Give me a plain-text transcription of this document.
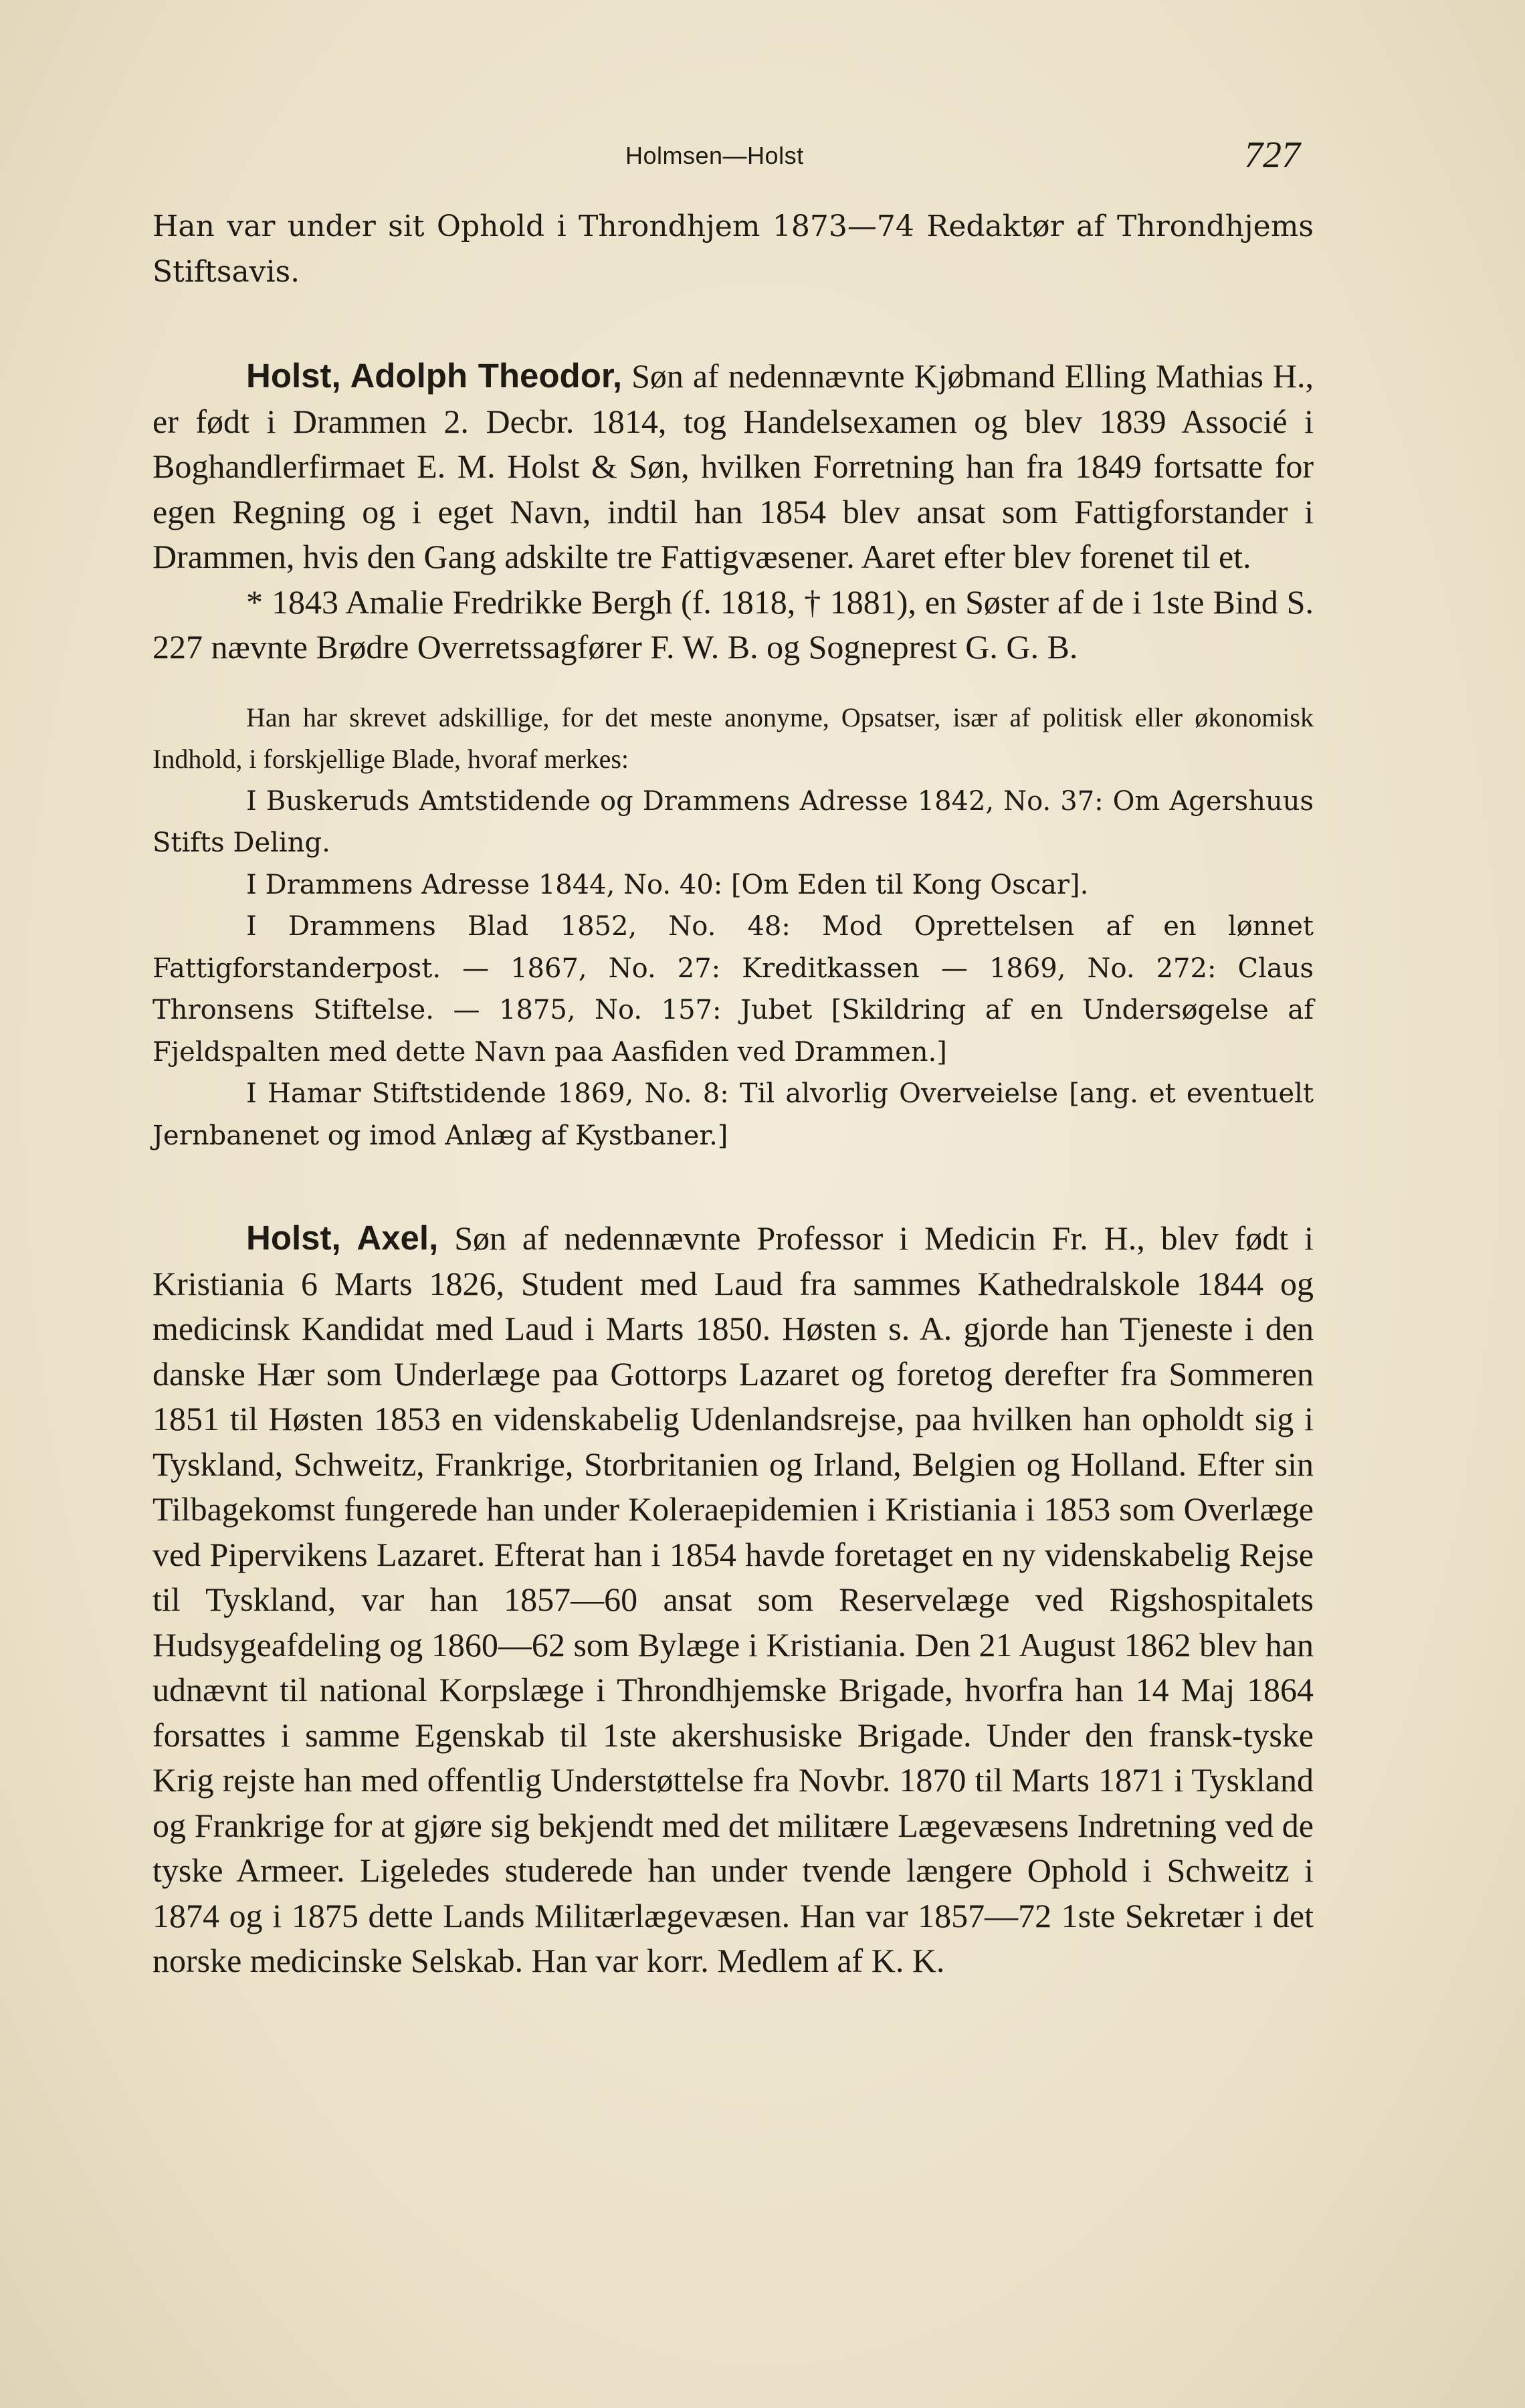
Holmsen—Holst	727

Han var under sit Ophold i Throndhjem 1873—74 Redaktør af Throndhjems Stiftsavis.

Holst, Adolph Theodor, Søn af nedennævnte Kjøbmand Elling Mathias H., er født i Drammen 2. Decbr. 1814, tog Handelsexamen og blev 1839 Associé i Boghandlerfirmaet E. M. Holst & Søn, hvilken Forretning han fra 1849 fortsatte for egen Regning og i eget Navn, indtil han 1854 blev ansat som Fattigforstander i Drammen, hvis den Gang adskilte tre Fattigvæsener. Aaret efter blev forenet til et.

* 1843 Amalie Fredrikke Bergh (f. 1818, † 1881), en Søster af de i 1ste Bind S. 227 nævnte Brødre Overretssagfører F. W. B. og Sogneprest G. G. B.

Han har skrevet adskillige, for det meste anonyme, Opsatser, især af politisk eller økonomisk Indhold, i forskjellige Blade, hvoraf merkes:

I Buskeruds Amtstidende og Drammens Adresse 1842, No. 37: Om Agershuus Stifts Deling.

I Drammens Adresse 1844, No. 40: [Om Eden til Kong Oscar].

I Drammens Blad 1852, No. 48: Mod Oprettelsen af en lønnet Fattigforstanderpost. — 1867, No. 27: Kreditkassen — 1869, No. 272: Claus Thronsens Stiftelse. — 1875, No. 157: Jubet [Skildring af en Undersøgelse af Fjeldspalten med dette Navn paa Aasfiden ved Drammen.]

I Hamar Stiftstidende 1869, No. 8: Til alvorlig Overveielse [ang. et eventuelt Jernbanenet og imod Anlæg af Kystbaner.]

Holst, Axel, Søn af nedennævnte Professor i Medicin Fr. H., blev født i Kristiania 6 Marts 1826, Student med Laud fra sammes Kathedralskole 1844 og medicinsk Kandidat med Laud i Marts 1850. Høsten s. A. gjorde han Tjeneste i den danske Hær som Underlæge paa Gottorps Lazaret og foretog derefter fra Sommeren 1851 til Høsten 1853 en videnskabelig Udenlandsrejse, paa hvilken han opholdt sig i Tyskland, Schweitz, Frankrige, Storbritanien og Irland, Belgien og Holland. Efter sin Tilbagekomst fungerede han under Koleraepidemien i Kristiania i 1853 som Overlæge ved Pipervikens Lazaret. Efterat han i 1854 havde foretaget en ny videnskabelig Rejse til Tyskland, var han 1857—60 ansat som Reservelæge ved Rigshospitalets Hudsygeafdeling og 1860—62 som Bylæge i Kristiania. Den 21 August 1862 blev han udnævnt til national Korpslæge i Throndhjemske Brigade, hvorfra han 14 Maj 1864 forsattes i samme Egenskab til 1ste akershusiske Brigade. Under den fransk-tyske Krig rejste han med offentlig Understøttelse fra Novbr. 1870 til Marts 1871 i Tyskland og Frankrige for at gjøre sig bekjendt med det militære Lægevæsens Indretning ved de tyske Armeer. Ligeledes studerede han under tvende længere Ophold i Schweitz i 1874 og i 1875 dette Lands Militærlægevæsen. Han var 1857—72 1ste Sekretær i det norske medicinske Selskab. Han var korr. Medlem af K. K.
